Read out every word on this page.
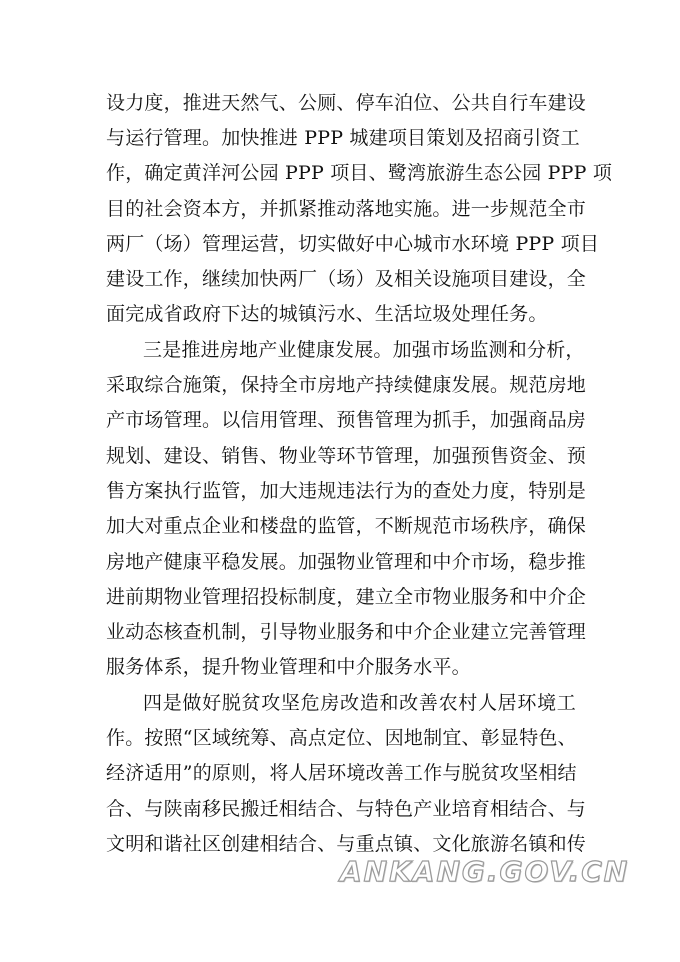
设力度，推进天然气、公厕、停车泊位、公共自行车建设
与运行管理。加快推进 PPP 城建项目策划及招商引资工
作，确定黄洋河公园 PPP 项目、鹭湾旅游生态公园 PPP 项
目的社会资本方，并抓紧推动落地实施。进一步规范全市
两厂（场）管理运营，切实做好中心城市水环境 PPP 项目
建设工作，继续加快两厂（场）及相关设施项目建设，全
面完成省政府下达的城镇污水、生活垃圾处理任务。
三是推进房地产业健康发展。加强市场监测和分析，
采取综合施策，保持全市房地产持续健康发展。规范房地
产市场管理。以信用管理、预售管理为抓手，加强商品房
规划、建设、销售、物业等环节管理，加强预售资金、预
售方案执行监管，加大违规违法行为的查处力度，特别是
加大对重点企业和楼盘的监管，不断规范市场秩序，确保
房地产健康平稳发展。加强物业管理和中介市场，稳步推
进前期物业管理招投标制度，建立全市物业服务和中介企
业动态核查机制，引导物业服务和中介企业建立完善管理
服务体系，提升物业管理和中介服务水平。
四是做好脱贫攻坚危房改造和改善农村人居环境工
作。按照“区域统筹、高点定位、因地制宜、彰显特色、
经济适用”的原则，将人居环境改善工作与脱贫攻坚相结
合、与陕南移民搬迁相结合、与特色产业培育相结合、与
文明和谐社区创建相结合、与重点镇、文化旅游名镇和传
ANKANG.GOV.CN
